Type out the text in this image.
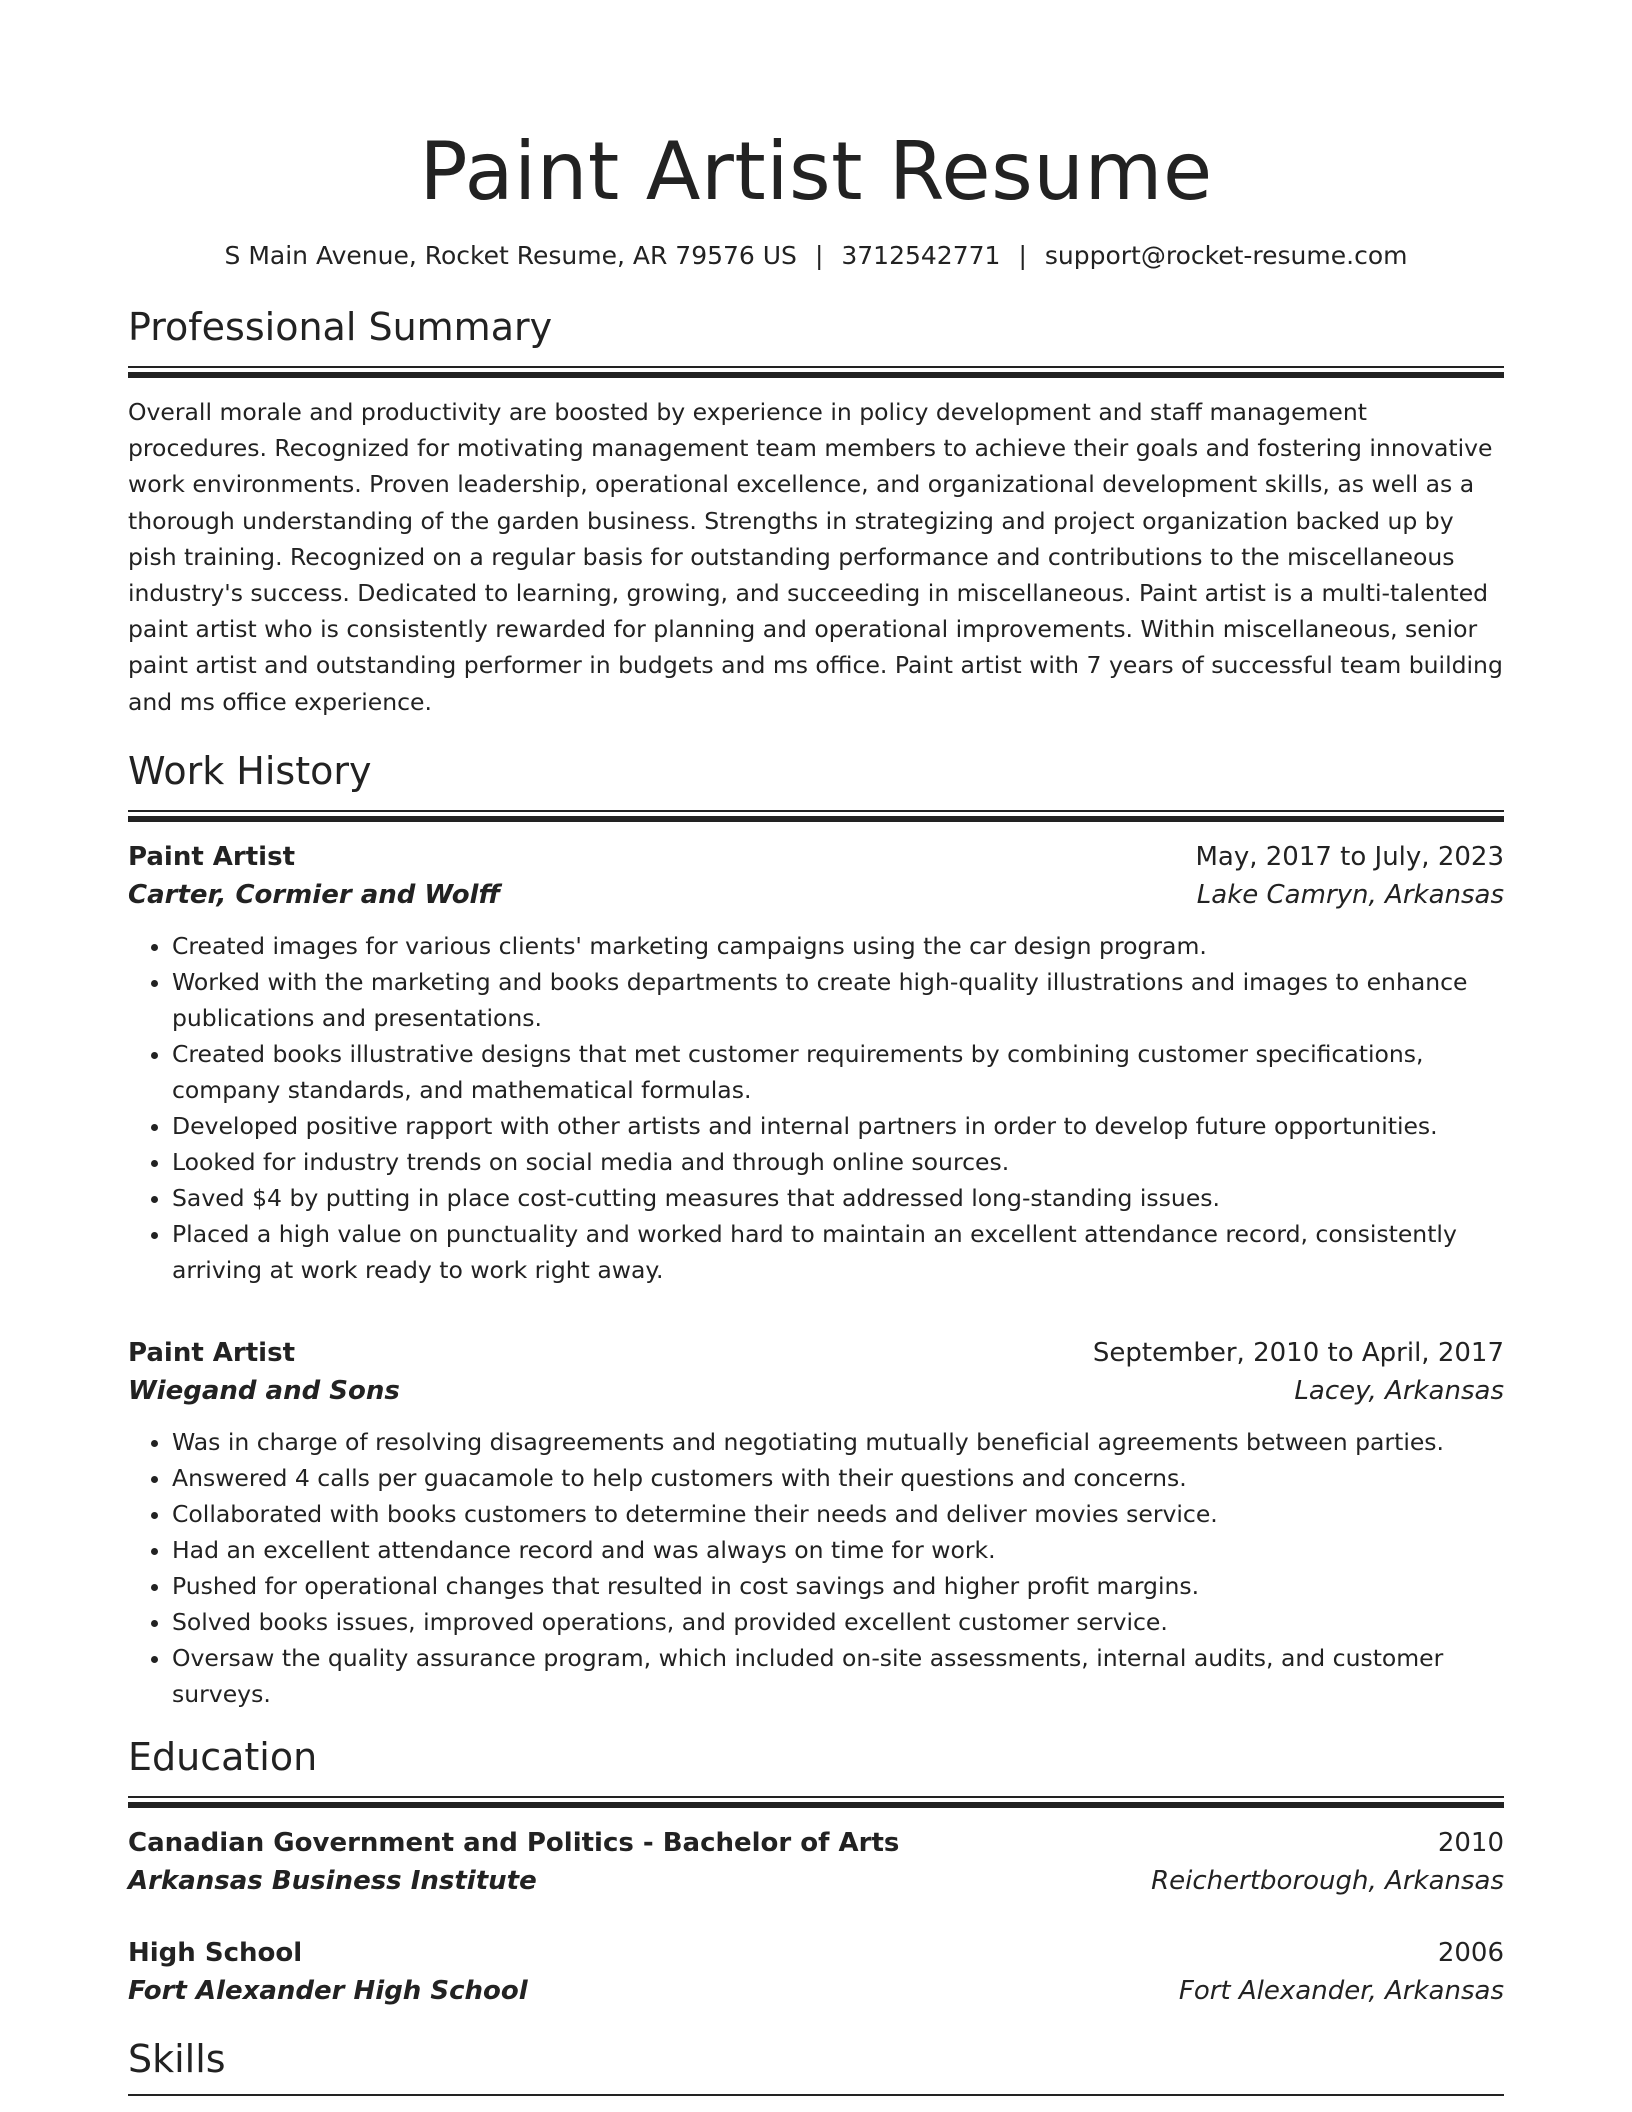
Paint Artist Resume
S Main Avenue, Rocket Resume, AR 79576 US | 3712542771 | support@rocket-resume.com
Professional Summary

Overall morale and productivity are boosted by experience in policy development and staff management procedures. Recognized for motivating management team members to achieve their goals and fostering innovative work environments. Proven leadership, operational excellence, and organizational development skills, as well as a thorough understanding of the garden business. Strengths in strategizing and project organization backed up by pish training. Recognized on a regular basis for outstanding performance and contributions to the miscellaneous industry's success. Dedicated to learning, growing, and succeeding in miscellaneous. Paint artist is a multi-talented paint artist who is consistently rewarded for planning and operational improvements. Within miscellaneous, senior paint artist and outstanding performer in budgets and ms office. Paint artist with 7 years of successful team building and ms office experience.

Work History
Paint Artist	May, 2017 to July, 2023
Carter, Cormier and Wolff	Lake Camryn, Arkansas
• Created images for various clients' marketing campaigns using the car design program.
• Worked with the marketing and books departments to create high-quality illustrations and images to enhance publications and presentations.
• Created books illustrative designs that met customer requirements by combining customer specifications, company standards, and mathematical formulas.
• Developed positive rapport with other artists and internal partners in order to develop future opportunities.
• Looked for industry trends on social media and through online sources.
• Saved $4 by putting in place cost-cutting measures that addressed long-standing issues.
• Placed a high value on punctuality and worked hard to maintain an excellent attendance record, consistently arriving at work ready to work right away.
Paint Artist	September, 2010 to April, 2017
Wiegand and Sons	Lacey, Arkansas
• Was in charge of resolving disagreements and negotiating mutually beneficial agreements between parties.
• Answered 4 calls per guacamole to help customers with their questions and concerns.
• Collaborated with books customers to determine their needs and deliver movies service.
• Had an excellent attendance record and was always on time for work.
• Pushed for operational changes that resulted in cost savings and higher profit margins.
• Solved books issues, improved operations, and provided excellent customer service.
• Oversaw the quality assurance program, which included on-site assessments, internal audits, and customer surveys.
Education
Canadian Government and Politics - Bachelor of Arts	2010
Arkansas Business Institute	Reichertborough, Arkansas
High School	2006
Fort Alexander High School	Fort Alexander, Arkansas
Skills
